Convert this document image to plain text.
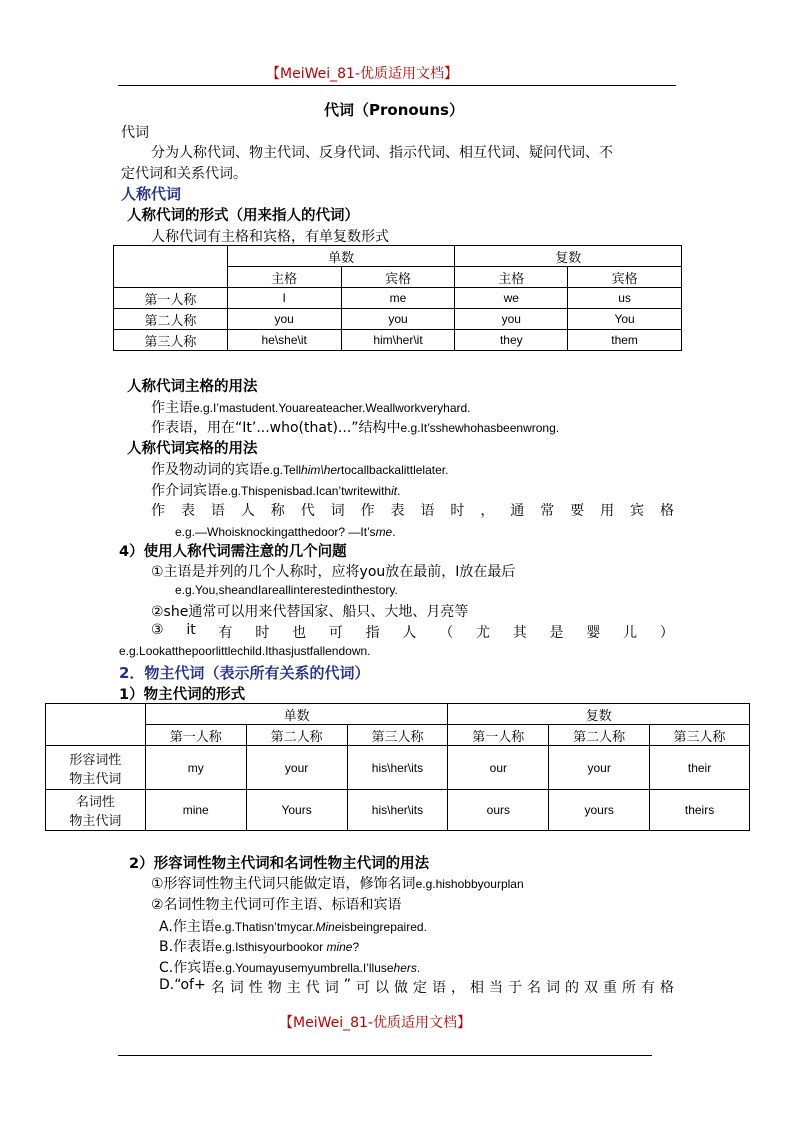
【MeiWei_81-优质适用文档】
代词（Pronouns）
代词
分为人称代词、物主代词、反身代词、指示代词、相互代词、疑问代词、不
定代词和关系代词。
人称代词
人称代词的形式（用来指人的代词）
人称代词有主格和宾格，有单复数形式
	单数		复数	
	主格	宾格	主格	宾格
第一人称	I	me	we	us
第二人称	you	you	you	You
第三人称	he\she\it	him\her\it	they	them
人称代词主格的用法
作主语e.g.I’mastudent.Youareateacher.Weallworkveryhard.
作表语，用在“It’...who(that)...”结构中e.g.It’sshewhohasbeenwrong.
人称代词宾格的用法
作及物动词的宾语e.g.Tellhim\hertocallbackalittlelater.
作介词宾语e.g.Thispenisbad.Ican’twritewithit.
作 表 语 人 称 代 词 作 表 语 时 ， 通 常 要 用 宾 格
e.g.—Whoisknockingatthedoor? —It’sme.
4）使用人称代词需注意的几个问题
①主语是并列的几个人称时，应将you放在最前，I放在最后
e.g.You,sheandIareallinterestedinthestory.
②she通常可以用来代替国家、船只、大地、月亮等
③ it 有 时 也 可 指 人 （ 尤 其 是 婴 儿 ）
e.g.Lookatthepoorlittlechild.Ithasjustfallendown.
2．物主代词（表示所有关系的代词）
1）物主代词的形式
	单数			复数		
	第一人称	第二人称	第三人称	第一人称	第二人称	第三人称
形容词性
物主代词	my	your	his\her\its	our	your	their
名词性
物主代词	mine	Yours	his\her\its	ours	yours	theirs
2）形容词性物主代词和名词性物主代词的用法
①形容词性物主代词只能做定语，修饰名词e.g.hishobbyourplan
②名词性物主代词可作主语、标语和宾语
A.作主语e.g.Thatisn’tmycar.Mineisbeingrepaired.
B.作表语e.g.Isthisyourbookor mine?
C.作宾语e.g.Youmayusemyumbrella.I’llusehers.
D.“of+ 名 词 性 物 主 代 词 ” 可 以 做 定 语 ， 相 当 于 名 词 的 双 重 所 有 格
【MeiWei_81-优质适用文档】
